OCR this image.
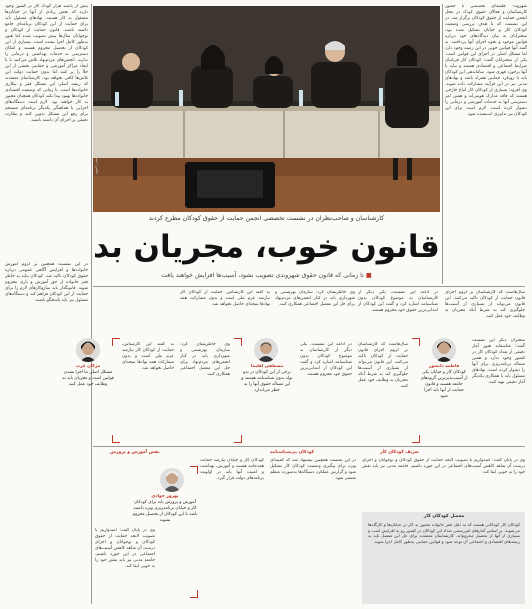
بیش از پانصد هزار کودک کار در کشور وجود دارند که بخش زیادی از آنها در خیابان‌ها مشغول به کار هستند. نهادهای مسئول باید برای حمایت از این کودکان برنامه‌ای جامع داشته باشند. قانون حمایت از کودکان و نوجوانان سال‌ها پیش تصویب شده اما هنوز به‌طور کامل اجرا نشده است. بسیاری از این کودکان از تحصیل محروم هستند و امکان دسترسی به خدمات بهداشتی و درمانی را ندارند. انجمن‌های مردم‌نهاد تلاش می‌کنند تا با ایجاد مراکز آموزشی و حمایتی بخشی از این خلأ را پر کنند اما بدون حمایت دولت این تلاش‌ها کافی نخواهد بود. کارشناسان معتقدند که ریشه اصلی این مشکل فقر و بیکاری خانواده‌ها است. تا زمانی که وضعیت اقتصادی خانواده‌ها بهبود پیدا نکند کودکان همچنان مجبور به کار خواهند بود. لازم است دستگاه‌های اجرایی با هماهنگی یکدیگر برنامه‌ای منسجم برای رفع این مشکل تدوین کنند و نظارت دقیقی بر اجرای آن داشته باشند.
در این نشست همچنین بر لزوم آموزش خانواده‌ها و افزایش آگاهی عمومی درباره حقوق کودکان تاکید شد. کودکان نباید به خاطر فقر خانواده از حق آموزش و بازی محروم شوند. قانونگذار باید سازوکارهای لازم را برای حمایت از این کودکان فراهم کند و دستگاه‌های مسئول نیز باید پاسخگو باشند.
عکس: ایسنا
شهروند- جلسه‌ای تخصصی با حضور کارشناسان و فعالان حقوق کودک در محل انجمن حمایت از حقوق کودکان برگزار شد. در این نشست که با هدف بررسی وضعیت کودکان کار و خیابان تشکیل شده بود، سخنرانان به بیان دیدگاه‌های خود درباره قوانین موجود و نحوه اجرای آنها پرداختند. به گفته آنها قوانین خوبی در این زمینه وجود دارد اما مشکل اصلی در اجرای این قوانین است. یکی از سخنرانان گفت: کودکان کار قربانیان شرایط اجتماعی و اقتصادی هستند و نباید با آنها برخورد قهری شود. ساماندهی این کودکان باید با رویکرد حمایتی همراه باشد و نهادهای مدنی نیز در این فرآیند مشارکت داده شوند. وی افزود: بسیاری از کودکان کار اتباع خارجی هستند که فاقد مدارک هویتی‌اند و همین امر دسترسی آنها به خدمات آموزشی و درمانی را دشوار کرده است. لازم است برای این کودکان نیز تدابیری اندیشیده شود.
کارشناسان و صاحب‌نظران در نشست تخصصی انجمن حمایت از حقوق کودکان مطرح کردند
قانون خوب، مجریان بد
■ تا زمانی که قانون حقوق شهروندی تصویب نشود، آسیب‌ها افزایش خواهند یافت
سال‌هاست که کارشناسان بر لزوم اجرای قانون حمایت از کودکان تاکید می‌کنند. این قانون می‌تواند از بسیاری از آسیب‌ها جلوگیری کند به شرط آنکه مجریان به وظایف خود عمل کنند.
در ادامه این نشست، یکی دیگر از کارشناسان به موضوع کودکان بدون شناسنامه اشاره کرد و گفت این کودکان از ابتدایی‌ترین حقوق خود محروم هستند.
وی خاطرنشان کرد: سازمان بهزیستی و شهرداری باید در کنار انجمن‌های مردم‌نهاد برای حل این معضل اجتماعی همکاری کنند.
به گفته این کارشناس، حمایت از کودکان کار نیازمند عزم ملی است و بدون مشارکت همه نهادها نتیجه‌ای حاصل نخواهد شد.
فاطمه دانشور
کودکان کار و خیابان یکی از آسیب‌پذیرترین گروه‌های جامعه هستند و قانون حمایت از آنها باید اجرا شود
سخنران دیگر این نشست گفت: متاسفانه هنوز آمار دقیقی از تعداد کودکان کار در کشور وجود ندارد و همین مساله برنامه‌ریزی برای آنها را دشوار کرده است. نهادهای مسئول باید با همکاری یکدیگر آمار دقیقی تهیه کنند.
سال‌هاست که کارشناسان بر لزوم اجرای قانون حمایت از کودکان تاکید می‌کنند. این قانون می‌تواند از بسیاری از آسیب‌ها جلوگیری کند به شرط آنکه مجریان به وظایف خود عمل کنند.
مصطفی اقلیما
برخی از این کودکان در بدو تولد بدون شناسنامه هستند و این مساله حقوق آنها را به خطر می‌اندازد
در ادامه این نشست، یکی دیگر از کارشناسان به موضوع کودکان بدون شناسنامه اشاره کرد و گفت این کودکان از ابتدایی‌ترین حقوق خود محروم هستند.
وی خاطرنشان کرد: سازمان بهزیستی و شهرداری باید در کنار انجمن‌های مردم‌نهاد برای حل این معضل اجتماعی همکاری کنند.
مژگان عرب
مشکل اصلی ما اجرا نشدن قوانین است و مجریان باید به وظایف خود عمل کنند
به گفته این کارشناس، حمایت از کودکان کار نیازمند عزم ملی است و بدون مشارکت همه نهادها نتیجه‌ای حاصل نخواهد شد.
تعریف کودکان کار
کودکان بی‌شناسنامه
نقش آموزش و پرورش
وی در پایان گفت: امیدواریم با تصویب لایحه حمایت از حقوق کودکان و نوجوانان و اجرای درست آن شاهد کاهش آسیب‌های اجتماعی در این حوزه باشیم. جامعه مدنی نیز باید نقش خود را به خوبی ایفا کند.
در این نشست همچنین پیشنهاد شد که کمیته‌ای ویژه برای پیگیری وضعیت کودکان کار تشکیل شود و گزارش عملکرد دستگاه‌ها به‌صورت منظم منتشر شود.
کودکان کار و خیابان نیازمند حمایت همه‌جانبه هستند و آموزش، بهداشت و امنیت آنها باید در اولویت برنامه‌های دولت قرار گیرد.
وی در پایان گفت: امیدواریم با تصویب لایحه حمایت از حقوق کودکان و نوجوانان و اجرای درست آن شاهد کاهش آسیب‌های اجتماعی در این حوزه باشیم. جامعه مدنی نیز باید نقش خود را به خوبی ایفا کند.
بهروز جوادی
آموزش و پرورش باید برای کودکان کار و خیابان برنامه‌ریزی ویژه داشته باشد تا این کودکان از تحصیل محروم نشوند
معضل کودکان کار
کودکان کار کودکانی هستند که به دلیل فقر خانواده مجبور به کار در خیابان‌ها و کارگاه‌ها می‌شوند. بر اساس آمارهای غیررسمی تعداد این کودکان در کشور رو به افزایش است و بسیاری از آنها از تحصیل محروم‌اند. کارشناسان معتقدند برای حل این معضل باید به ریشه‌های اقتصادی و اجتماعی آن توجه شود و قوانین حمایتی به‌طور کامل اجرا شوند.
